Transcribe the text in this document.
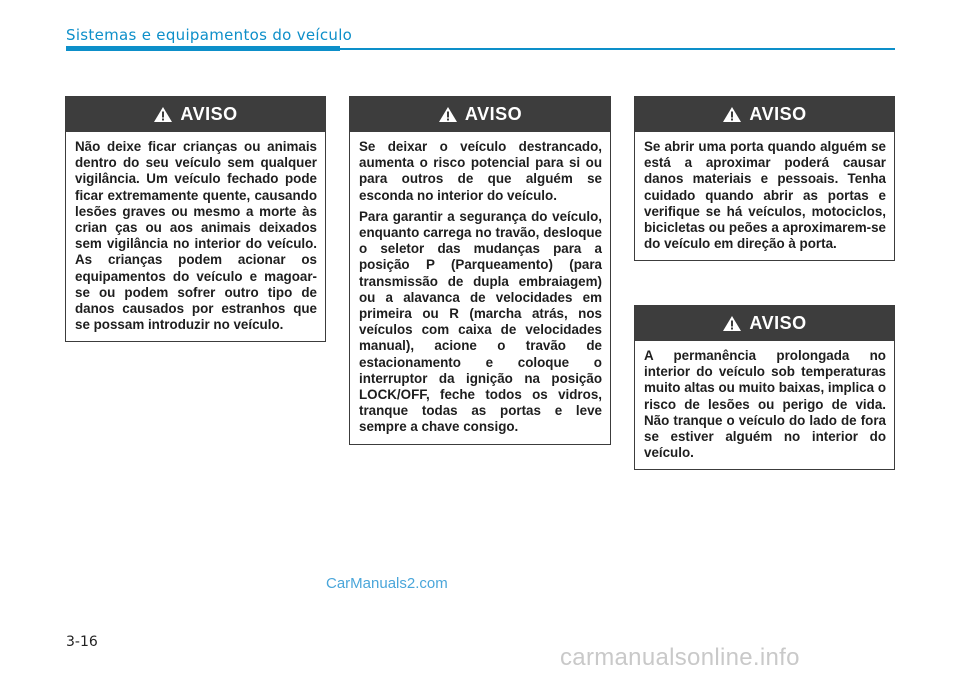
Sistemas e equipamentos do veículo
AVISO

Não deixe ficar crianças ou animais dentro do seu veículo sem qualquer vigilância. Um veículo fechado pode ficar extremamente quente, causando lesões graves ou mesmo a morte às crian ças ou aos animais deixados sem vigilância no interior do veículo. As crianças podem acionar os equipamentos do veículo e magoar-se ou podem sofrer outro tipo de danos causados por estranhos que se possam introduzir no veículo.

AVISO

Se deixar o veículo destrancado, aumenta o risco potencial para si ou para outros de que alguém se esconda no interior do veículo.

Para garantir a segurança do veículo, enquanto carrega no travão, desloque o seletor das mudanças para a posição P (Parqueamento) (para transmissão de dupla embraiagem) ou a alavanca de velocidades em primeira ou R (marcha atrás, nos veículos com caixa de velocidades manual), acione o travão de estacionamento e coloque o interruptor da ignição na posição LOCK/OFF, feche todos os vidros, tranque todas as portas e leve sempre a chave consigo.

AVISO

Se abrir uma porta quando alguém se está a aproximar poderá causar danos materiais e pessoais. Tenha cuidado quando abrir as portas e verifique se há veículos, motociclos, bicicletas ou peões a aproximarem-se do veículo em direção à porta.

AVISO

A permanência prolongada no interior do veículo sob temperaturas muito altas ou muito baixas, implica o risco de lesões ou perigo de vida. Não tranque o veículo do lado de fora se estiver alguém no interior do veículo.

CarManuals2.com
3-16
carmanualsonline.info
